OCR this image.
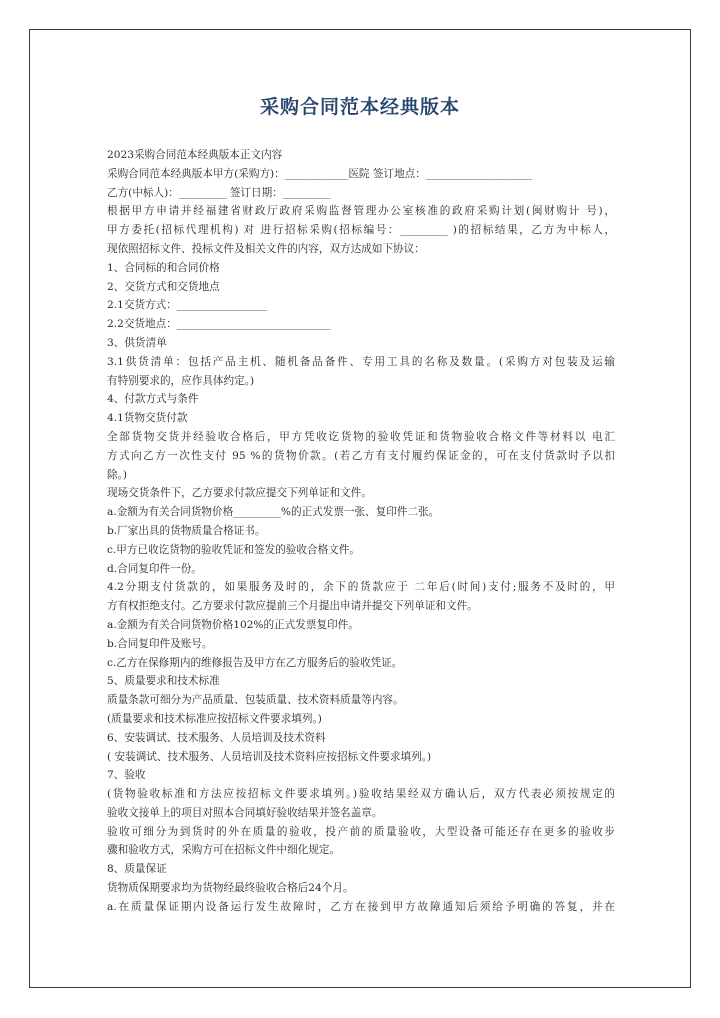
采购合同范本经典版本
2023采购合同范本经典版本正文内容
采购合同范本经典版本甲方(采购方)：____________医院 签订地点：____________________
乙方(中标人)：_________ 签订日期：_________
根据甲方申请并经福建省财政厅政府采购监督管理办公室核准的政府采购计划(闽财购计 号)，
甲方委托(招标代理机构) 对 进行招标采购(招标编号：_________ )的招标结果，乙方为中标人，
现依照招标文件、投标文件及相关文件的内容，双方达成如下协议：
1、合同标的和合同价格
2、交货方式和交货地点
2.1交货方式：_________________
2.2交货地点：_____________________________
3、供货清单
3.1供货清单：包括产品主机、随机备品备件、专用工具的名称及数量。(采购方对包装及运输
有特别要求的，应作具体约定。)
4、付款方式与条件
4.1货物交货付款
全部货物交货并经验收合格后，甲方凭收讫货物的验收凭证和货物验收合格文件等材料以 电汇
方式向乙方一次性支付 95 %的货物价款。(若乙方有支付履约保证金的，可在支付货款时予以扣
除。)
现场交货条件下，乙方要求付款应提交下列单证和文件。
a.金额为有关合同货物价格_________%的正式发票一张、复印件二张。
b.厂家出具的货物质量合格证书。
c.甲方已收讫货物的验收凭证和签发的验收合格文件。
d.合同复印件一份。
4.2分期支付货款的，如果服务及时的，余下的货款应于 二年后(时间)支付;服务不及时的，甲
方有权拒绝支付。乙方要求付款应提前三个月提出申请并提交下列单证和文件。
a.金额为有关合同货物价格102%的正式发票复印件。
b.合同复印件及账号。
c.乙方在保修期内的维修报告及甲方在乙方服务后的验收凭证。
5、质量要求和技术标准
质量条款可细分为产品质量、包装质量、技术资料质量等内容。
(质量要求和技术标准应按招标文件要求填列。)
6、安装调试、技术服务、人员培训及技术资料
( 安装调试、技术服务、人员培训及技术资料应按招标文件要求填列。)
7、验收
(货物验收标准和方法应按招标文件要求填列。)验收结果经双方确认后，双方代表必须按规定的
验收文接单上的项目对照本合同填好验收结果并签名盖章。
验收可细分为到货时的外在质量的验收，投产前的质量验收，大型设备可能还存在更多的验收步
骤和验收方式，采购方可在招标文件中细化规定。
8、质量保证
货物质保期要求均为货物经最终验收合格后24个月。
a.在质量保证期内设备运行发生故障时，乙方在接到甲方故障通知后须给予明确的答复，并在
